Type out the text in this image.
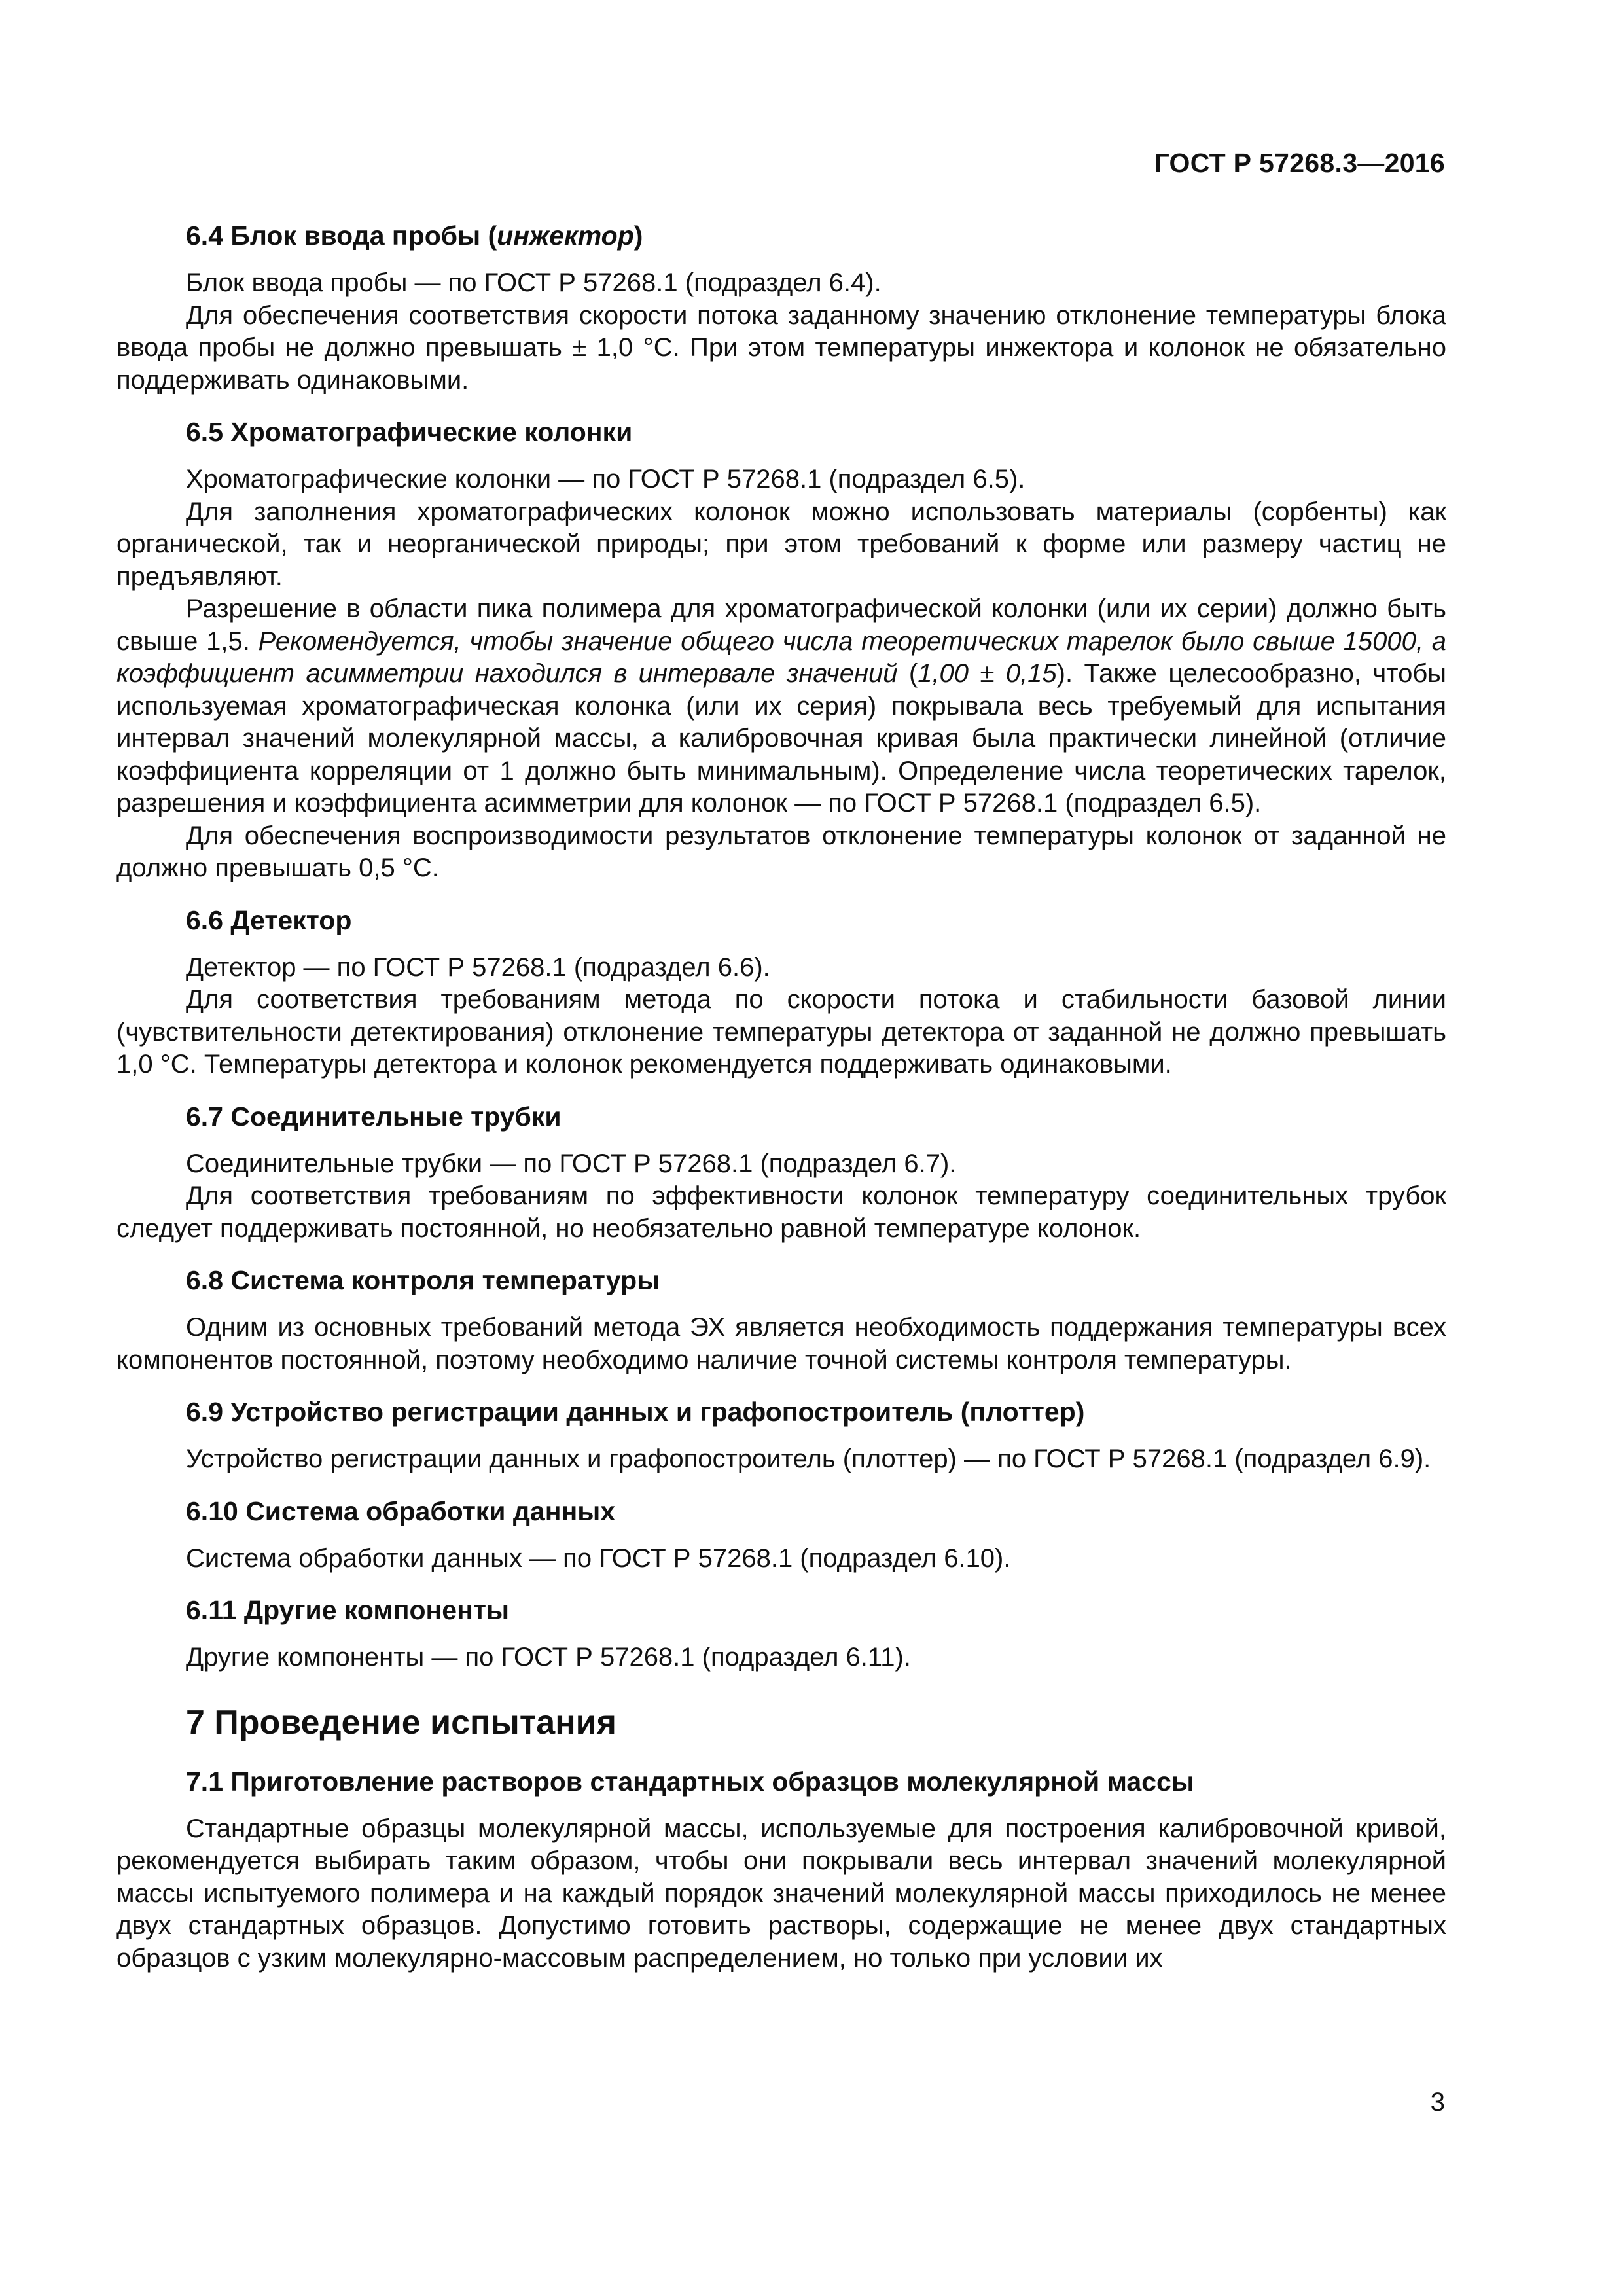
ГОСТ Р 57268.3—2016
6.4 Блок ввода пробы (инжектор)

Блок ввода пробы — по ГОСТ Р 57268.1 (подраздел 6.4).

Для обеспечения соответствия скорости потока заданному значению отклонение температуры блока ввода пробы не должно превышать ± 1,0 °С. При этом температуры инжектора и колонок не обязательно поддерживать одинаковыми.

6.5 Хроматографические колонки

Хроматографические колонки — по ГОСТ Р 57268.1 (подраздел 6.5).

Для заполнения хроматографических колонок можно использовать материалы (сорбенты) как органической, так и неорганической природы; при этом требований к форме или размеру частиц не предъявляют.

Разрешение в области пика полимера для хроматографической колонки (или их серии) должно быть свыше 1,5. Рекомендуется, чтобы значение общего числа теоретических тарелок было свыше 15000, а коэффициент асимметрии находился в интервале значений (1,00 ± 0,15). Также целесообразно, чтобы используемая хроматографическая колонка (или их серия) покрывала весь требуемый для испытания интервал значений молекулярной массы, а калибровочная кривая была практически линейной (отличие коэффициента корреляции от 1 должно быть минимальным). Определение числа теоретических тарелок, разрешения и коэффициента асимметрии для колонок — по ГОСТ Р 57268.1 (подраздел 6.5).

Для обеспечения воспроизводимости результатов отклонение температуры колонок от заданной не должно превышать 0,5 °С.

6.6 Детектор

Детектор — по ГОСТ Р 57268.1 (подраздел 6.6).

Для соответствия требованиям метода по скорости потока и стабильности базовой линии (чувствительности детектирования) отклонение температуры детектора от заданной не должно превышать 1,0 °С. Температуры детектора и колонок рекомендуется поддерживать одинаковыми.

6.7 Соединительные трубки

Соединительные трубки — по ГОСТ Р 57268.1 (подраздел 6.7).

Для соответствия требованиям по эффективности колонок температуру соединительных трубок следует поддерживать постоянной, но необязательно равной температуре колонок.

6.8 Система контроля температуры

Одним из основных требований метода ЭХ является необходимость поддержания температуры всех компонентов постоянной, поэтому необходимо наличие точной системы контроля температуры.

6.9 Устройство регистрации данных и графопостроитель (плоттер)

Устройство регистрации данных и графопостроитель (плоттер) — по ГОСТ Р 57268.1 (подраздел 6.9).

6.10 Система обработки данных

Система обработки данных — по ГОСТ Р 57268.1 (подраздел 6.10).

6.11 Другие компоненты

Другие компоненты — по ГОСТ Р 57268.1 (подраздел 6.11).

7 Проведение испытания
7.1 Приготовление растворов стандартных образцов молекулярной массы

Стандартные образцы молекулярной массы, используемые для построения калибровочной кривой, рекомендуется выбирать таким образом, чтобы они покрывали весь интервал значений молекулярной массы испытуемого полимера и на каждый порядок значений молекулярной массы приходилось не менее двух стандартных образцов. Допустимо готовить растворы, содержащие не менее двух стандартных образцов с узким молекулярно-массовым распределением, но только при условии их

3
